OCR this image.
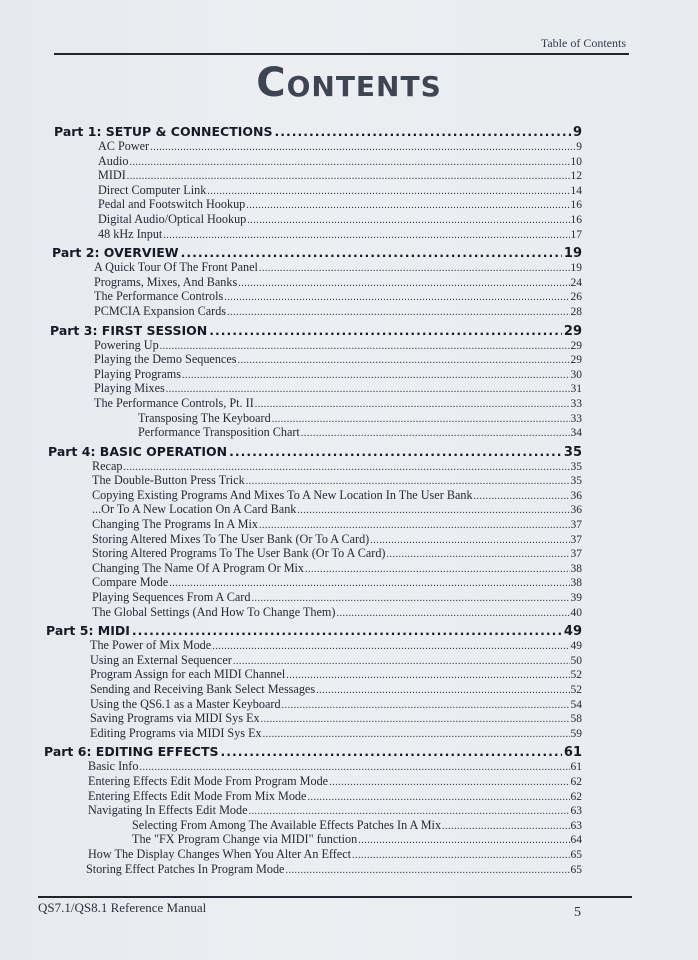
Table of Contents
Contents
Part 1: SETUP & CONNECTIONS .....	9
AC Power .....	9
Audio .....	10
MIDI .....	12
Direct Computer Link .....	14
Pedal and Footswitch Hookup .....	16
Digital Audio/Optical Hookup .....	16
48 kHz Input .....	17
Part 2: OVERVIEW .....	19
A Quick Tour Of The Front Panel .....	19
Programs, Mixes, And Banks .....	24
The Performance Controls .....	26
PCMCIA Expansion Cards .....	28
Part 3: FIRST SESSION .....	29
Powering Up .....	29
Playing the Demo Sequences .....	29
Playing Programs .....	30
Playing Mixes .....	31
The Performance Controls, Pt. II .....	33
Transposing The Keyboard .....	33
Performance Transposition Chart .....	34
Part 4: BASIC OPERATION .....	35
Recap .....	35
The Double-Button Press Trick .....	35
Copying Existing Programs And Mixes To A New Location In The User Bank .....	36
...Or To A New Location On A Card Bank .....	36
Changing The Programs In A Mix .....	37
Storing Altered Mixes To The User Bank (Or To A Card) .....	37
Storing Altered Programs To The User Bank (Or To A Card) .....	37
Changing The Name Of A Program Or Mix .....	38
Compare Mode .....	38
Playing Sequences From A Card .....	39
The Global Settings (And How To Change Them) .....	40
Part 5: MIDI .....	49
The Power of Mix Mode .....	49
Using an External Sequencer .....	50
Program Assign for each MIDI Channel .....	52
Sending and Receiving Bank Select Messages .....	52
Using the QS6.1 as a Master Keyboard .....	54
Saving Programs via MIDI Sys Ex .....	58
Editing Programs via MIDI Sys Ex .....	59
Part 6: EDITING EFFECTS .....	61
Basic Info .....	61
Entering Effects Edit Mode From Program Mode .....	62
Entering Effects Edit Mode From Mix Mode .....	62
Navigating In Effects Edit Mode .....	63
Selecting From Among The Available Effects Patches In A Mix .....	63
The "FX Program Change via MIDI" function .....	64
How The Display Changes When You Alter An Effect .....	65
Storing Effect Patches In Program Mode .....	65
QS7.1/QS8.1 Reference Manual	5
